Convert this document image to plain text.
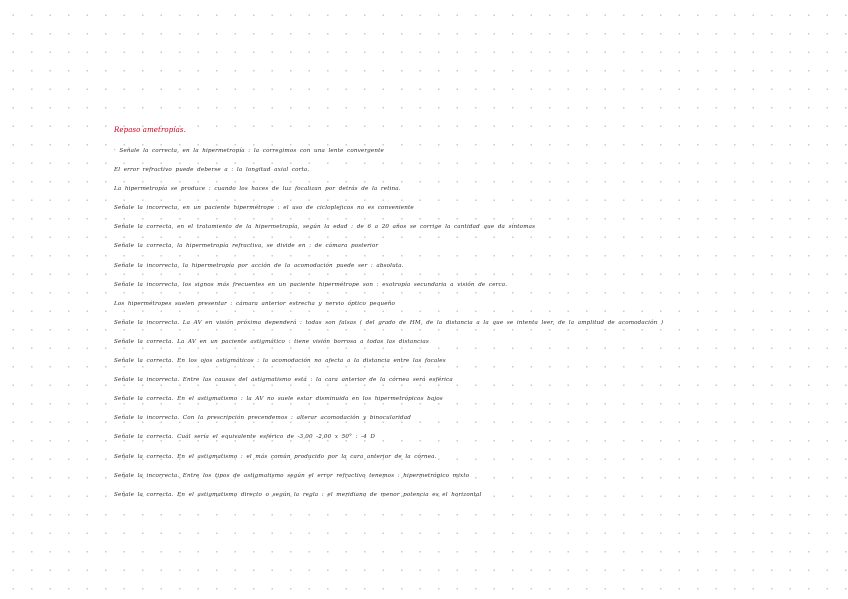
Repaso ametropías.
· Señale la correcta, en la hipermetropía : la corregimos con una lente convergente
El error refractivo puede deberse a : la longitud axial corta.
La hipermetropía se produce : cuando los haces de luz focalizan por detrás de la retina.
Señale la incorrecta, en un paciente hipermétrope : el uso de cicloplejicos no es conveniente
Señale la correcta, en el tratamiento de la hipermetropía, según la edad : de 6 a 20 años se corrige la cantidad que da síntomas
Señale la correcta, la hipermetropía refractiva, se divide en : de cámara posterior
Señale la incorrecta, la hipermetropía por acción de la acomodación puede ser : absoluta.
Señale la incorrecta, los signos más frecuentes en un paciente hipermétrope son : exotropía secundaria a visión de cerca.
Los hipermétropes suelen presentar : cámara anterior estrecha y nervio óptico pequeño
Señale la incorrecta. La AV en visión próxima dependerá : todas son falsas ( del grado de HM, de la distancia a la que se intenta leer, de la amplitud de acomodación )
Señale la correcta. La AV en un paciente astigmático : tiene visión borrosa a todas las distancias
Señale la correcta. En los ojos astigmáticos : la acomodación no afecta a la distancia entre las focales
Señale la incorrecta. Entre las causas del astigmatismo está : la cara anterior de la córnea será esférica
Señale la correcta. En el astigmatismo : la AV no suele estar disminuida en los hipermetrópicos bajos
Señale la incorrecta. Con la prescripción precendemos : alterar acomodación y binocularidad
Señale la correcta. Cuál sería el equivalente esférico de -3,00 -2,00 x 50° : -4 D
Señale la correcta. En el astigmatismo : el más común producido por la cara anterior de la córnea.
Señale la incorrecta. Entre los tipos de astigmatismo según el error refractivo tenemos : hipermetrópico mixto
Señale la correcta. En el astigmatismo directo o según la regla : el meridiano de menor potencia es el horizontal
